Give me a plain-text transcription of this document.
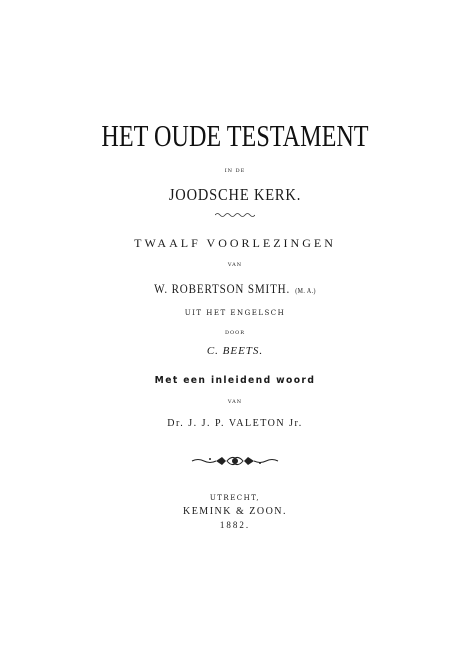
HET OUDE TESTAMENT
IN DE
JOODSCHE KERK.
TWAALF VOORLEZINGEN
VAN
W. ROBERTSON SMITH. (M. A.)
UIT HET ENGELSCH
DOOR
C. BEETS.
Met een inleidend woord
VAN
Dr. J. J. P. VALETON Jr.
UTRECHT,
KEMINK & ZOON.
1882.
